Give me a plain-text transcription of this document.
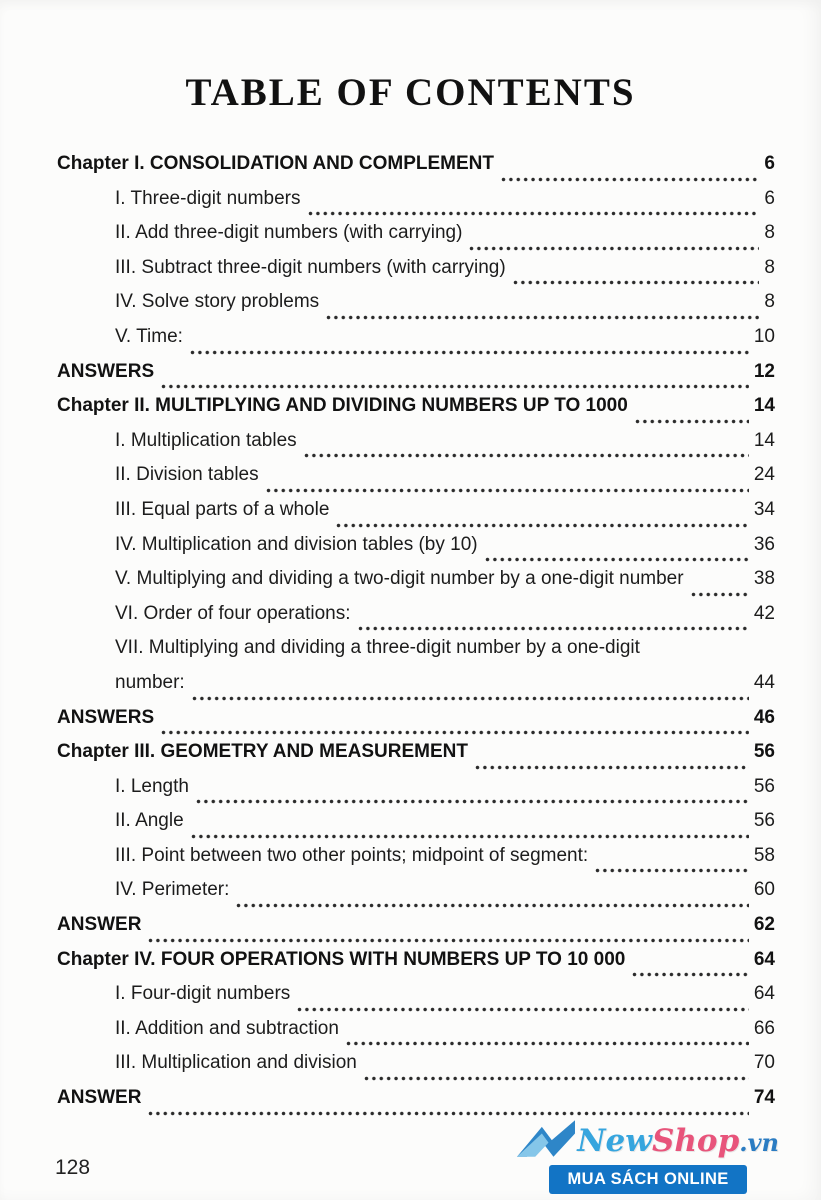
TABLE OF CONTENTS
Chapter I. CONSOLIDATION AND COMPLEMENT	6
I. Three-digit numbers	6
II. Add three-digit numbers (with carrying)	8
III. Subtract three-digit numbers (with carrying)	8
IV. Solve story problems	8
V. Time:	10
ANSWERS	12
Chapter II. MULTIPLYING AND DIVIDING NUMBERS UP TO 1000	14
I. Multiplication tables	14
II. Division tables	24
III. Equal parts of a whole	34
IV. Multiplication and division tables (by 10)	36
V. Multiplying and dividing a two-digit number by a one-digit number	38
VI. Order of four operations:	42
VII. Multiplying and dividing a three-digit number by a one-digit
number:	44
ANSWERS	46
Chapter III. GEOMETRY AND MEASUREMENT	56
I. Length	56
II. Angle	56
III. Point between two other points; midpoint of segment:	58
IV. Perimeter:	60
ANSWER	62
Chapter IV. FOUR OPERATIONS WITH NUMBERS UP TO 10 000	64
I. Four-digit numbers	64
II. Addition and subtraction	66
III. Multiplication and division	70
ANSWER	74
128
NewShop.vn
MUA SÁCH ONLINE
